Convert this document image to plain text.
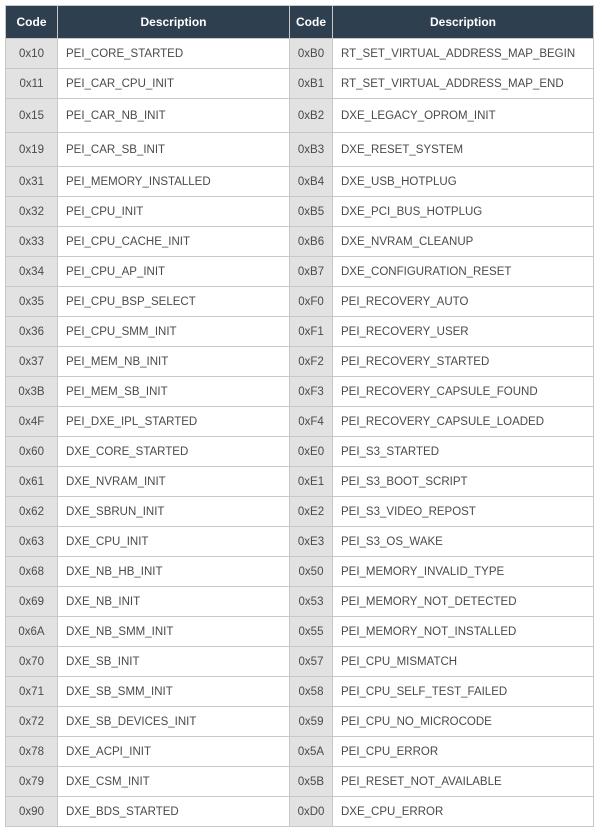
Code	Description	Code	Description
0x10	PEI_CORE_STARTED	0xB0	RT_SET_VIRTUAL_ADDRESS_MAP_BEGIN
0x11	PEI_CAR_CPU_INIT	0xB1	RT_SET_VIRTUAL_ADDRESS_MAP_END
0x15	PEI_CAR_NB_INIT	0xB2	DXE_LEGACY_OPROM_INIT
0x19	PEI_CAR_SB_INIT	0xB3	DXE_RESET_SYSTEM
0x31	PEI_MEMORY_INSTALLED	0xB4	DXE_USB_HOTPLUG
0x32	PEI_CPU_INIT	0xB5	DXE_PCI_BUS_HOTPLUG
0x33	PEI_CPU_CACHE_INIT	0xB6	DXE_NVRAM_CLEANUP
0x34	PEI_CPU_AP_INIT	0xB7	DXE_CONFIGURATION_RESET
0x35	PEI_CPU_BSP_SELECT	0xF0	PEI_RECOVERY_AUTO
0x36	PEI_CPU_SMM_INIT	0xF1	PEI_RECOVERY_USER
0x37	PEI_MEM_NB_INIT	0xF2	PEI_RECOVERY_STARTED
0x3B	PEI_MEM_SB_INIT	0xF3	PEI_RECOVERY_CAPSULE_FOUND
0x4F	PEI_DXE_IPL_STARTED	0xF4	PEI_RECOVERY_CAPSULE_LOADED
0x60	DXE_CORE_STARTED	0xE0	PEI_S3_STARTED
0x61	DXE_NVRAM_INIT	0xE1	PEI_S3_BOOT_SCRIPT
0x62	DXE_SBRUN_INIT	0xE2	PEI_S3_VIDEO_REPOST
0x63	DXE_CPU_INIT	0xE3	PEI_S3_OS_WAKE
0x68	DXE_NB_HB_INIT	0x50	PEI_MEMORY_INVALID_TYPE
0x69	DXE_NB_INIT	0x53	PEI_MEMORY_NOT_DETECTED
0x6A	DXE_NB_SMM_INIT	0x55	PEI_MEMORY_NOT_INSTALLED
0x70	DXE_SB_INIT	0x57	PEI_CPU_MISMATCH
0x71	DXE_SB_SMM_INIT	0x58	PEI_CPU_SELF_TEST_FAILED
0x72	DXE_SB_DEVICES_INIT	0x59	PEI_CPU_NO_MICROCODE
0x78	DXE_ACPI_INIT	0x5A	PEI_CPU_ERROR
0x79	DXE_CSM_INIT	0x5B	PEI_RESET_NOT_AVAILABLE
0x90	DXE_BDS_STARTED	0xD0	DXE_CPU_ERROR
